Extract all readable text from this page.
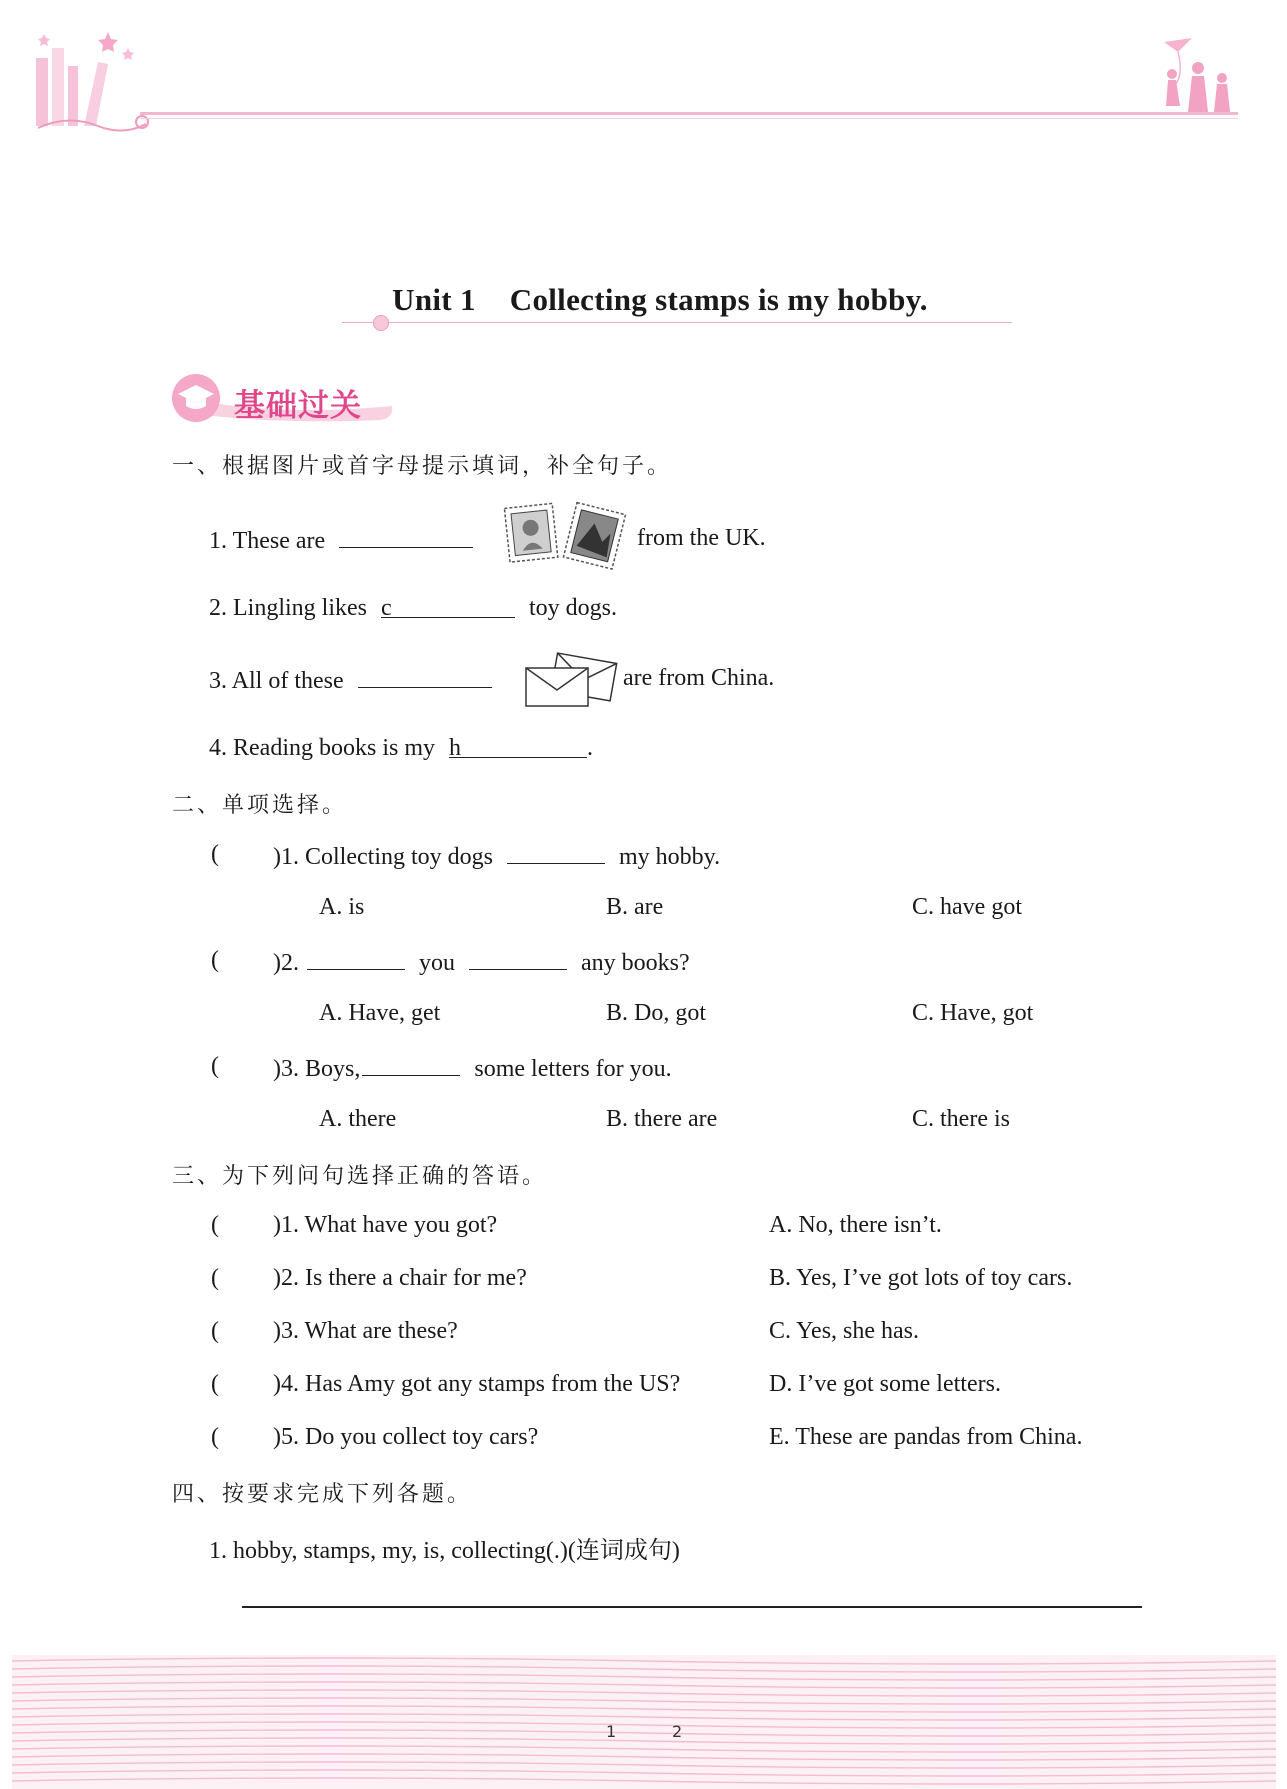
Unit 1 Collecting stamps is my hobby.
基础过关
一、根据图片或首字母提示填词，补全句子。
1. These are	from the UK.
2. Lingling likes c	toy dogs.
3. All of these	are from China.
4. Reading books is my h	.
二、单项选择。
( )1. Collecting toy dogs	my hobby.
A. is	B. are	C. have got
( )2.	you	any books?
A. Have, get	B. Do, got	C. Have, got
( )3. Boys,	some letters for you.
A. there	B. there are	C. there is
三、为下列问句选择正确的答语。
( )1. What have you got?	A. No, there isn’t.
( )2. Is there a chair for me?	B. Yes, I’ve got lots of toy cars.
( )3. What are these?	C. Yes, she has.
( )4. Has Amy got any stamps from the US?	D. I’ve got some letters.
( )5. Do you collect toy cars?	E. These are pandas from China.
四、按要求完成下列各题。
1. hobby, stamps, my, is, collecting(.)(连词成句)
1	2
